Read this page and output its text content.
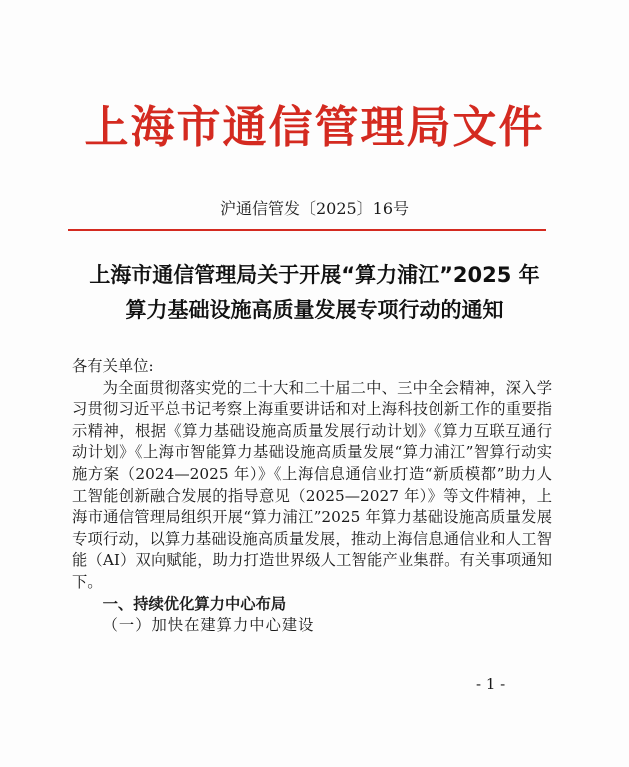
上海市通信管理局文件
沪通信管发〔2025〕16号
上海市通信管理局关于开展“算力浦江”2025 年
算力基础设施高质量发展专项行动的通知

各有关单位:

为全面贯彻落实党的二十大和二十届二中、三中全会精神，深入学习贯彻习近平总书记考察上海重要讲话和对上海科技创新工作的重要指示精神，根据《算力基础设施高质量发展行动计划》《算力互联互通行动计划》《上海市智能算力基础设施高质量发展“算力浦江”智算行动实施方案（2024—2025 年）》《上海信息通信业打造“新质模都”助力人工智能创新融合发展的指导意见（2025—2027 年）》等文件精神，上海市通信管理局组织开展“算力浦江”2025 年算力基础设施高质量发展专项行动，以算力基础设施高质量发展，推动上海信息通信业和人工智能（AI）双向赋能，助力打造世界级人工智能产业集群。有关事项通知下。

一、持续优化算力中心布局

（一）加快在建算力中心建设

- 1 -
